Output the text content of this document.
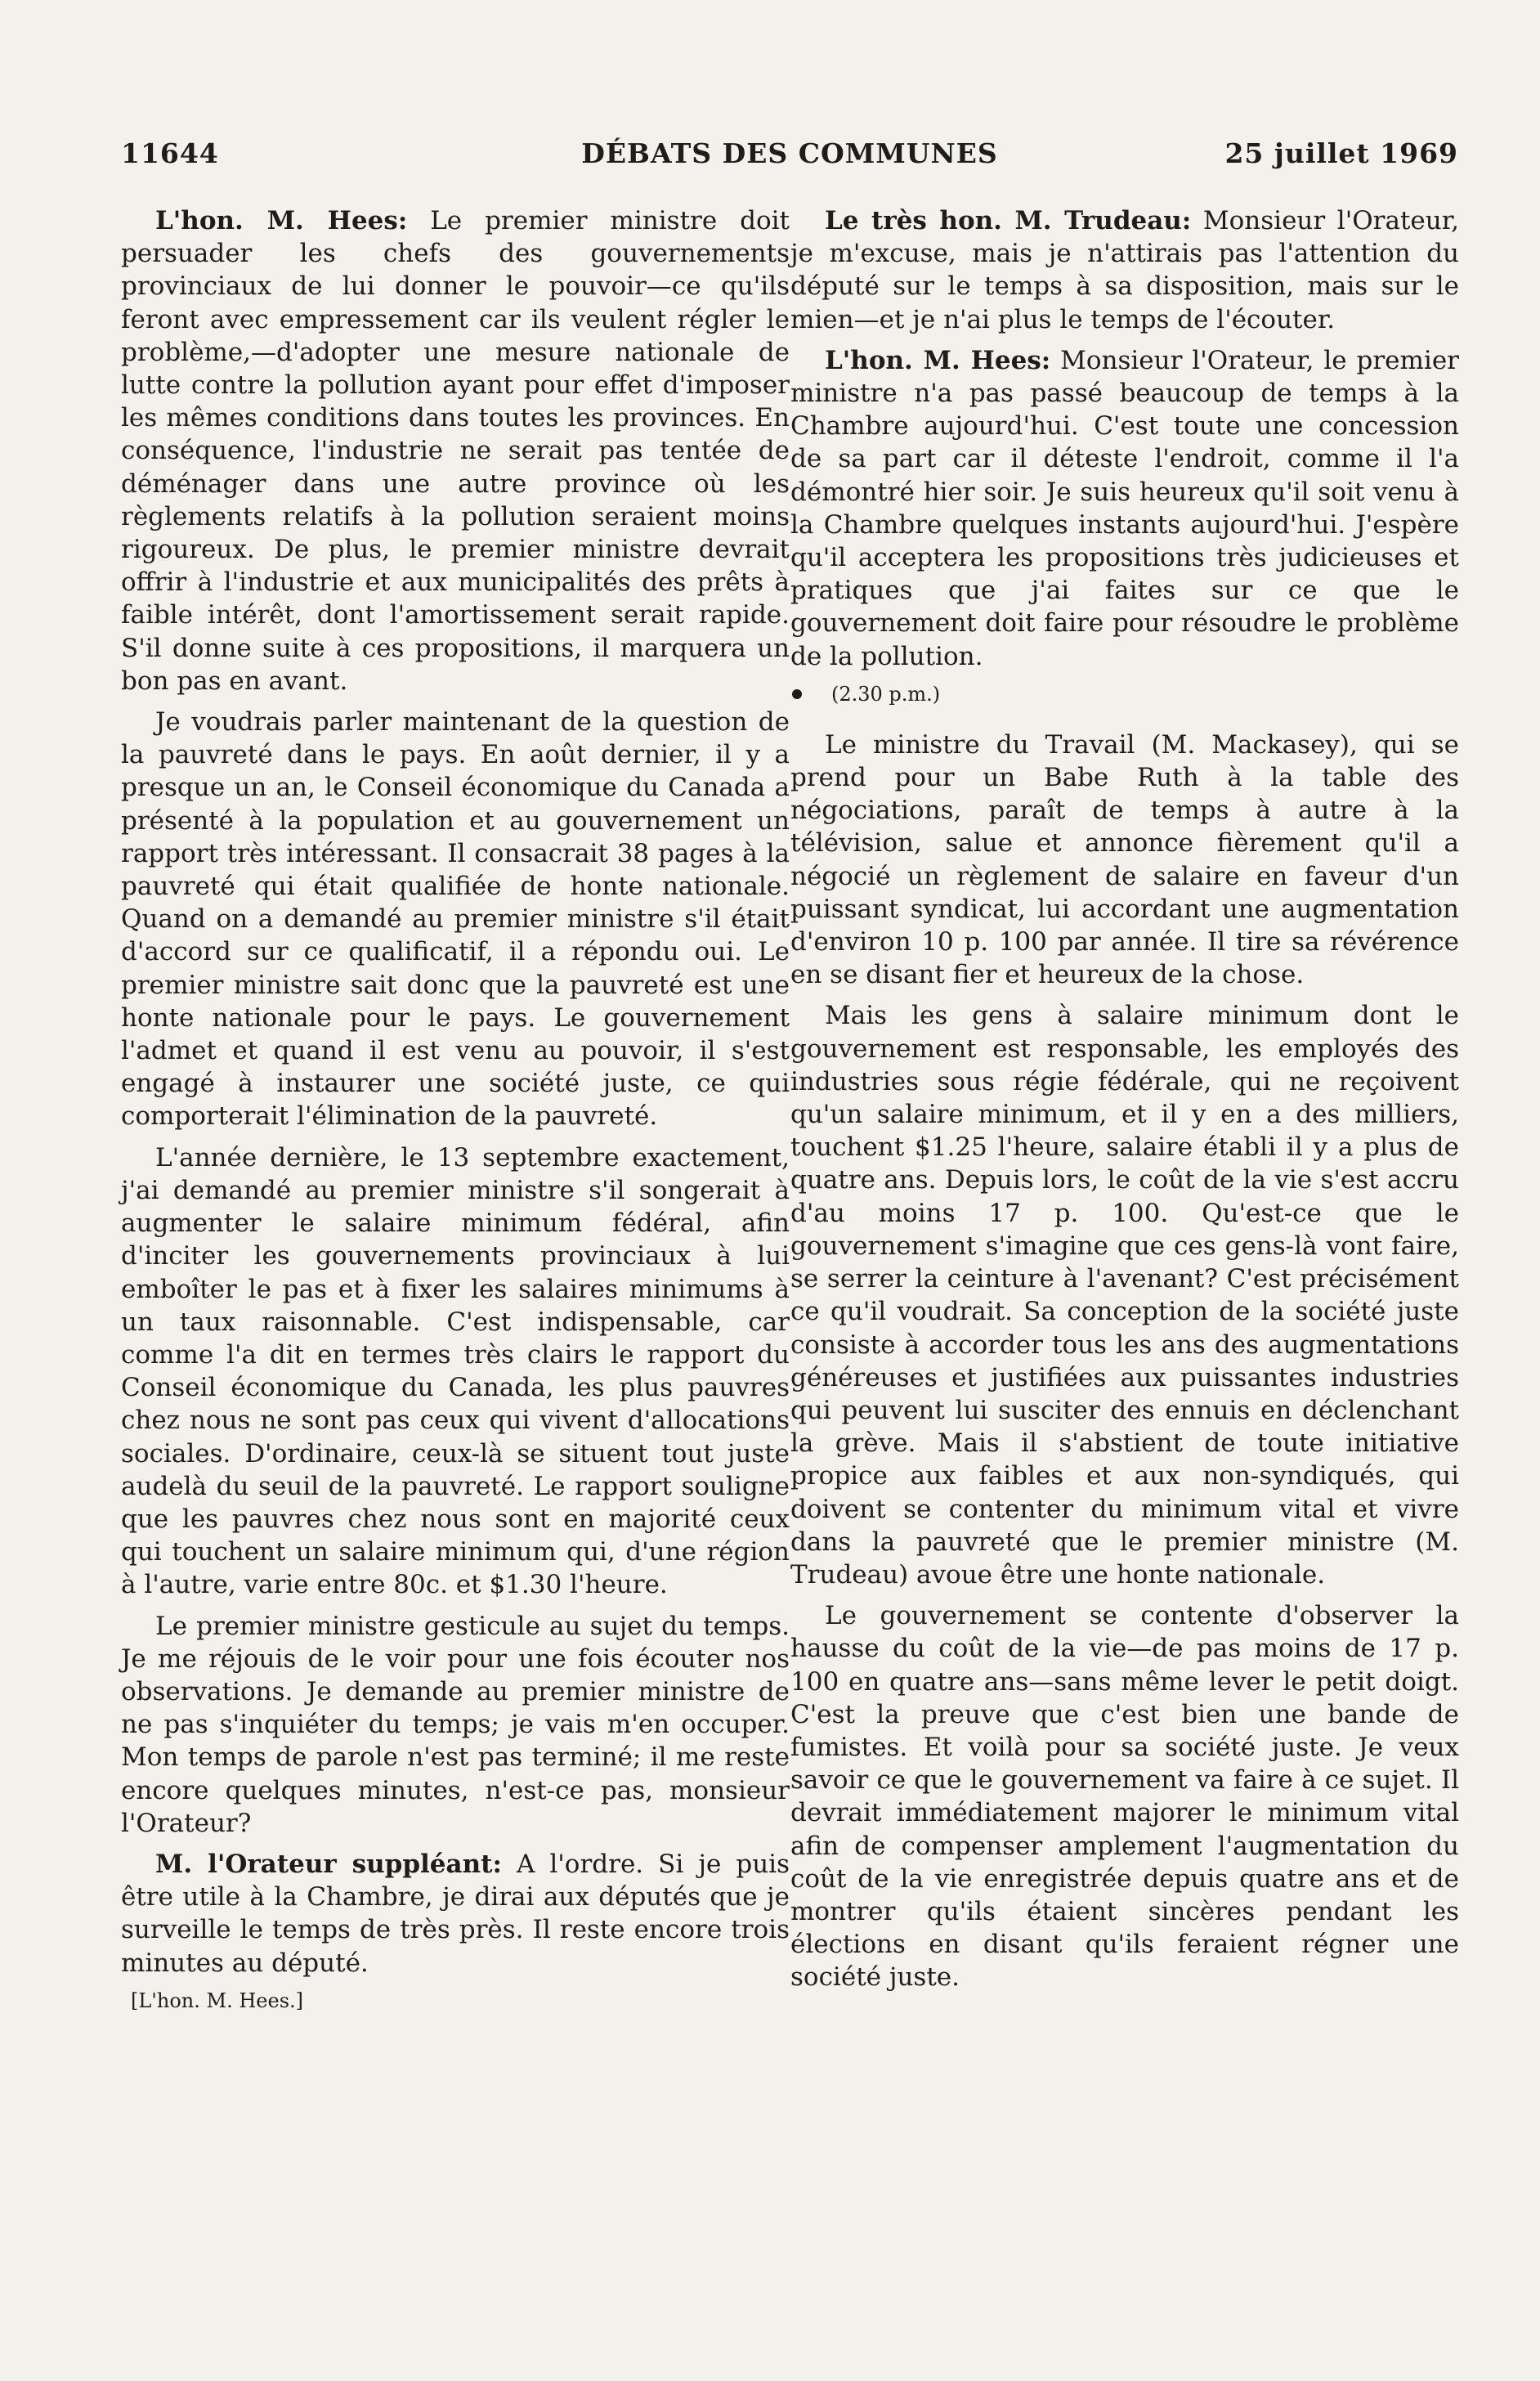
11644	DÉBATS DES COMMUNES	25 juillet 1969

L'hon. M. Hees: Le premier ministre doit persuader les chefs des gouvernements provinciaux de lui donner le pouvoir—ce qu'ils feront avec empressement car ils veulent régler le problème,—d'adopter une mesure nationale de lutte contre la pollution ayant pour effet d'imposer les mêmes conditions dans toutes les provinces. En conséquence, l'industrie ne serait pas tentée de déménager dans une autre province où les règlements relatifs à la pollution seraient moins rigoureux. De plus, le premier ministre devrait offrir à l'industrie et aux municipalités des prêts à faible intérêt, dont l'amortissement serait rapide. S'il donne suite à ces propositions, il marquera un bon pas en avant.

Je voudrais parler maintenant de la question de la pauvreté dans le pays. En août dernier, il y a presque un an, le Conseil économique du Canada a présenté à la population et au gouvernement un rapport très intéressant. Il consacrait 38 pages à la pauvreté qui était qualifiée de honte nationale. Quand on a demandé au premier ministre s'il était d'accord sur ce qualificatif, il a répondu oui. Le premier ministre sait donc que la pauvreté est une honte nationale pour le pays. Le gouvernement l'admet et quand il est venu au pouvoir, il s'est engagé à instaurer une société juste, ce qui comporterait l'élimination de la pauvreté.

L'année dernière, le 13 septembre exactement, j'ai demandé au premier ministre s'il songerait à augmenter le salaire minimum fédéral, afin d'inciter les gouvernements provinciaux à lui emboîter le pas et à fixer les salaires minimums à un taux raisonnable. C'est indispensable, car comme l'a dit en termes très clairs le rapport du Conseil économique du Canada, les plus pauvres chez nous ne sont pas ceux qui vivent d'allocations sociales. D'ordinaire, ceux-là se situent tout juste audelà du seuil de la pauvreté. Le rapport souligne que les pauvres chez nous sont en majorité ceux qui touchent un salaire minimum qui, d'une région à l'autre, varie entre 80c. et $1.30 l'heure.

Le premier ministre gesticule au sujet du temps. Je me réjouis de le voir pour une fois écouter nos observations. Je demande au premier ministre de ne pas s'inquiéter du temps; je vais m'en occuper. Mon temps de parole n'est pas terminé; il me reste encore quelques minutes, n'est-ce pas, monsieur l'Orateur?

M. l'Orateur suppléant: A l'ordre. Si je puis être utile à la Chambre, je dirai aux députés que je surveille le temps de très près. Il reste encore trois minutes au député.

[L'hon. M. Hees.]

Le très hon. M. Trudeau: Monsieur l'Orateur, je m'excuse, mais je n'attirais pas l'attention du député sur le temps à sa disposition, mais sur le mien—et je n'ai plus le temps de l'écouter.

L'hon. M. Hees: Monsieur l'Orateur, le premier ministre n'a pas passé beaucoup de temps à la Chambre aujourd'hui. C'est toute une concession de sa part car il déteste l'endroit, comme il l'a démontré hier soir. Je suis heureux qu'il soit venu à la Chambre quelques instants aujourd'hui. J'espère qu'il acceptera les propositions très judicieuses et pratiques que j'ai faites sur ce que le gouvernement doit faire pour résoudre le problème de la pollution.

(2.30 p.m.)

Le ministre du Travail (M. Mackasey), qui se prend pour un Babe Ruth à la table des négociations, paraît de temps à autre à la télévision, salue et annonce fièrement qu'il a négocié un règlement de salaire en faveur d'un puissant syndicat, lui accordant une augmentation d'environ 10 p. 100 par année. Il tire sa révérence en se disant fier et heureux de la chose.

Mais les gens à salaire minimum dont le gouvernement est responsable, les employés des industries sous régie fédérale, qui ne reçoivent qu'un salaire minimum, et il y en a des milliers, touchent $1.25 l'heure, salaire établi il y a plus de quatre ans. Depuis lors, le coût de la vie s'est accru d'au moins 17 p. 100. Qu'est-ce que le gouvernement s'imagine que ces gens-là vont faire, se serrer la ceinture à l'avenant? C'est précisément ce qu'il voudrait. Sa conception de la société juste consiste à accorder tous les ans des augmentations généreuses et justifiées aux puissantes industries qui peuvent lui susciter des ennuis en déclenchant la grève. Mais il s'abstient de toute initiative propice aux faibles et aux non-syndiqués, qui doivent se contenter du minimum vital et vivre dans la pauvreté que le premier ministre (M. Trudeau) avoue être une honte nationale.

Le gouvernement se contente d'observer la hausse du coût de la vie—de pas moins de 17 p. 100 en quatre ans—sans même lever le petit doigt. C'est la preuve que c'est bien une bande de fumistes. Et voilà pour sa société juste. Je veux savoir ce que le gouvernement va faire à ce sujet. Il devrait immédiatement majorer le minimum vital afin de compenser amplement l'augmentation du coût de la vie enregistrée depuis quatre ans et de montrer qu'ils étaient sincères pendant les élections en disant qu'ils feraient régner une société juste.
